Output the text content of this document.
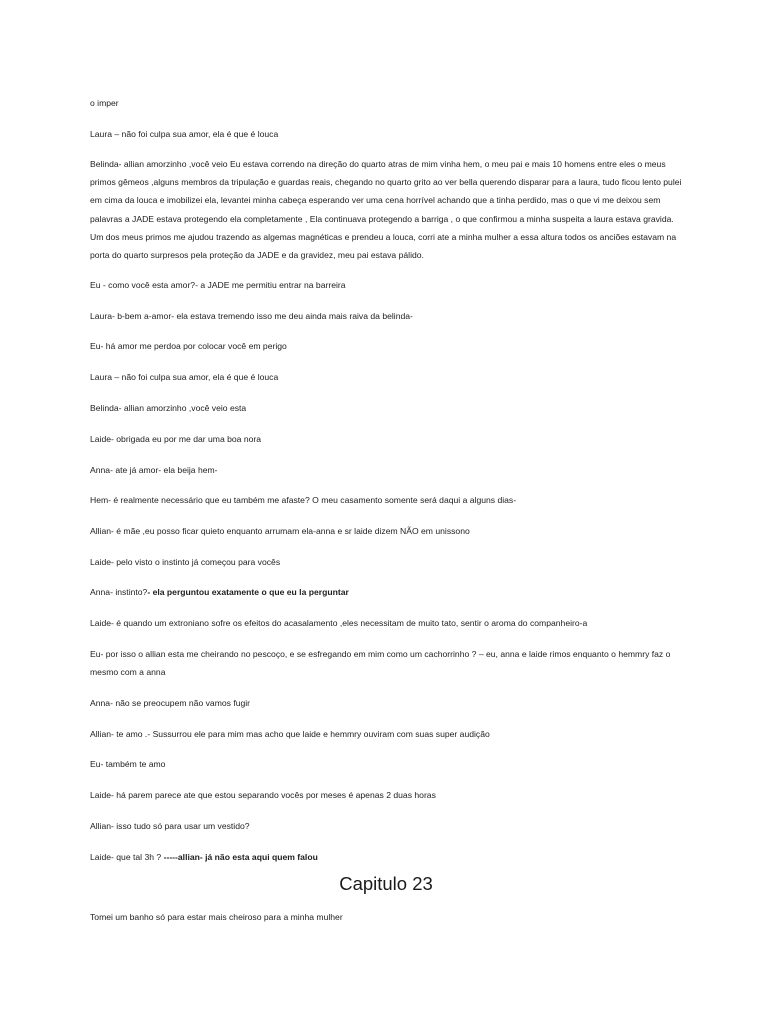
o imper

Laura – não foi culpa sua amor, ela é que é louca

Belinda- allian amorzinho ,você veio Eu estava correndo na direção do quarto atras de mim vinha hem, o meu pai e mais 10 homens entre eles o meus primos gêmeos ,alguns membros da tripulação e guardas reais, chegando no quarto grito ao ver bella querendo disparar para a laura, tudo ficou lento pulei em cima da louca e imobilizei ela, levantei minha cabeça esperando ver uma cena horrível achando que a tinha perdido, mas o que vi me deixou sem palavras a JADE estava protegendo ela completamente , Ela continuava protegendo a barriga , o que confirmou a minha suspeita a laura estava gravida. Um dos meus primos me ajudou trazendo as algemas magnéticas e prendeu a louca, corri ate a minha mulher a essa altura todos os anciões estavam na porta do quarto surpresos pela proteção da JADE e da gravidez, meu pai estava pálido.

Eu - como você esta amor?- a JADE me permitiu entrar na barreira

Laura- b-bem a-amor- ela estava tremendo isso me deu ainda mais raiva da belinda-

Eu- há amor me perdoa por colocar você em perigo

Laura – não foi culpa sua amor, ela é que é louca

Belinda- allian amorzinho ,você veio esta

Laide- obrigada eu por me dar uma boa nora

Anna- ate já amor- ela beija hem-

Hem- é realmente necessário que eu também me afaste? O meu casamento somente será daqui a alguns dias-

Allian- é mãe ,eu posso ficar quieto enquanto arrumam ela-anna e sr laide dizem NÃO em unissono

Laide- pelo visto o instinto já começou para vocês

Anna- instinto?- ela perguntou exatamente o que eu la perguntar

Laide- é quando um extroniano sofre os efeitos do acasalamento ,eles necessitam de muito tato, sentir o aroma do companheiro-a

Eu- por isso o allian esta me cheirando no pescoço, e se esfregando em mim como um cachorrinho ? – eu, anna e laide rimos enquanto o hemmry faz o mesmo com a anna

Anna- não se preocupem não vamos fugir

Allian- te amo .- Sussurrou ele para mim mas acho que laide e hemmry ouviram com suas super audição

Eu- também te amo

Laide- há parem parece ate que estou separando vocês por meses é apenas 2 duas horas

Allian- isso tudo só para usar um vestido?

Laide- que tal 3h ? -----allian- já não esta aqui quem falou

Capitulo 23

Tomei um banho só para estar mais cheiroso para a minha mulher
